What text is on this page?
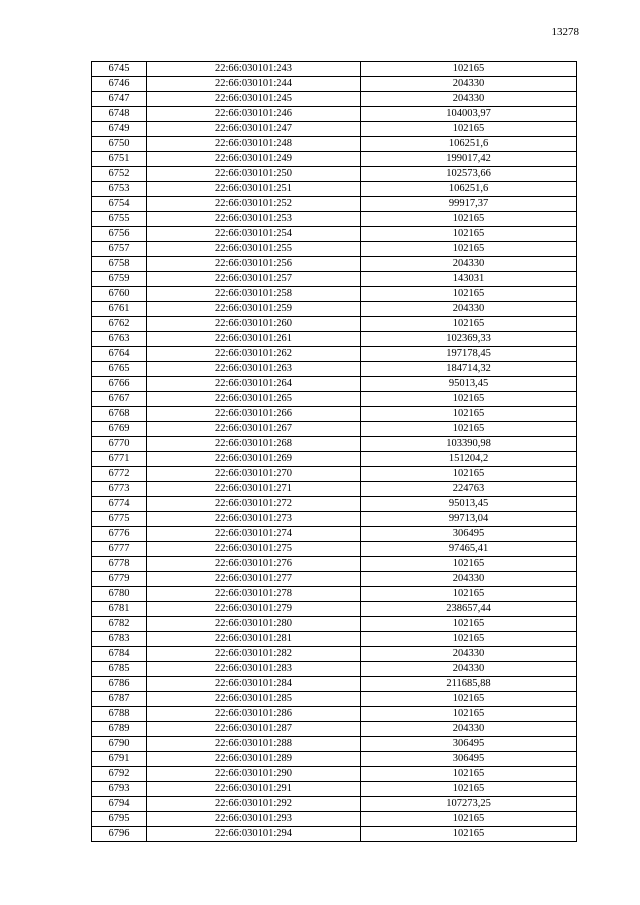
13278
6745	22:66:030101:243	102165
6746	22:66:030101:244	204330
6747	22:66:030101:245	204330
6748	22:66:030101:246	104003,97
6749	22:66:030101:247	102165
6750	22:66:030101:248	106251,6
6751	22:66:030101:249	199017,42
6752	22:66:030101:250	102573,66
6753	22:66:030101:251	106251,6
6754	22:66:030101:252	99917,37
6755	22:66:030101:253	102165
6756	22:66:030101:254	102165
6757	22:66:030101:255	102165
6758	22:66:030101:256	204330
6759	22:66:030101:257	143031
6760	22:66:030101:258	102165
6761	22:66:030101:259	204330
6762	22:66:030101:260	102165
6763	22:66:030101:261	102369,33
6764	22:66:030101:262	197178,45
6765	22:66:030101:263	184714,32
6766	22:66:030101:264	95013,45
6767	22:66:030101:265	102165
6768	22:66:030101:266	102165
6769	22:66:030101:267	102165
6770	22:66:030101:268	103390,98
6771	22:66:030101:269	151204,2
6772	22:66:030101:270	102165
6773	22:66:030101:271	224763
6774	22:66:030101:272	95013,45
6775	22:66:030101:273	99713,04
6776	22:66:030101:274	306495
6777	22:66:030101:275	97465,41
6778	22:66:030101:276	102165
6779	22:66:030101:277	204330
6780	22:66:030101:278	102165
6781	22:66:030101:279	238657,44
6782	22:66:030101:280	102165
6783	22:66:030101:281	102165
6784	22:66:030101:282	204330
6785	22:66:030101:283	204330
6786	22:66:030101:284	211685,88
6787	22:66:030101:285	102165
6788	22:66:030101:286	102165
6789	22:66:030101:287	204330
6790	22:66:030101:288	306495
6791	22:66:030101:289	306495
6792	22:66:030101:290	102165
6793	22:66:030101:291	102165
6794	22:66:030101:292	107273,25
6795	22:66:030101:293	102165
6796	22:66:030101:294	102165
